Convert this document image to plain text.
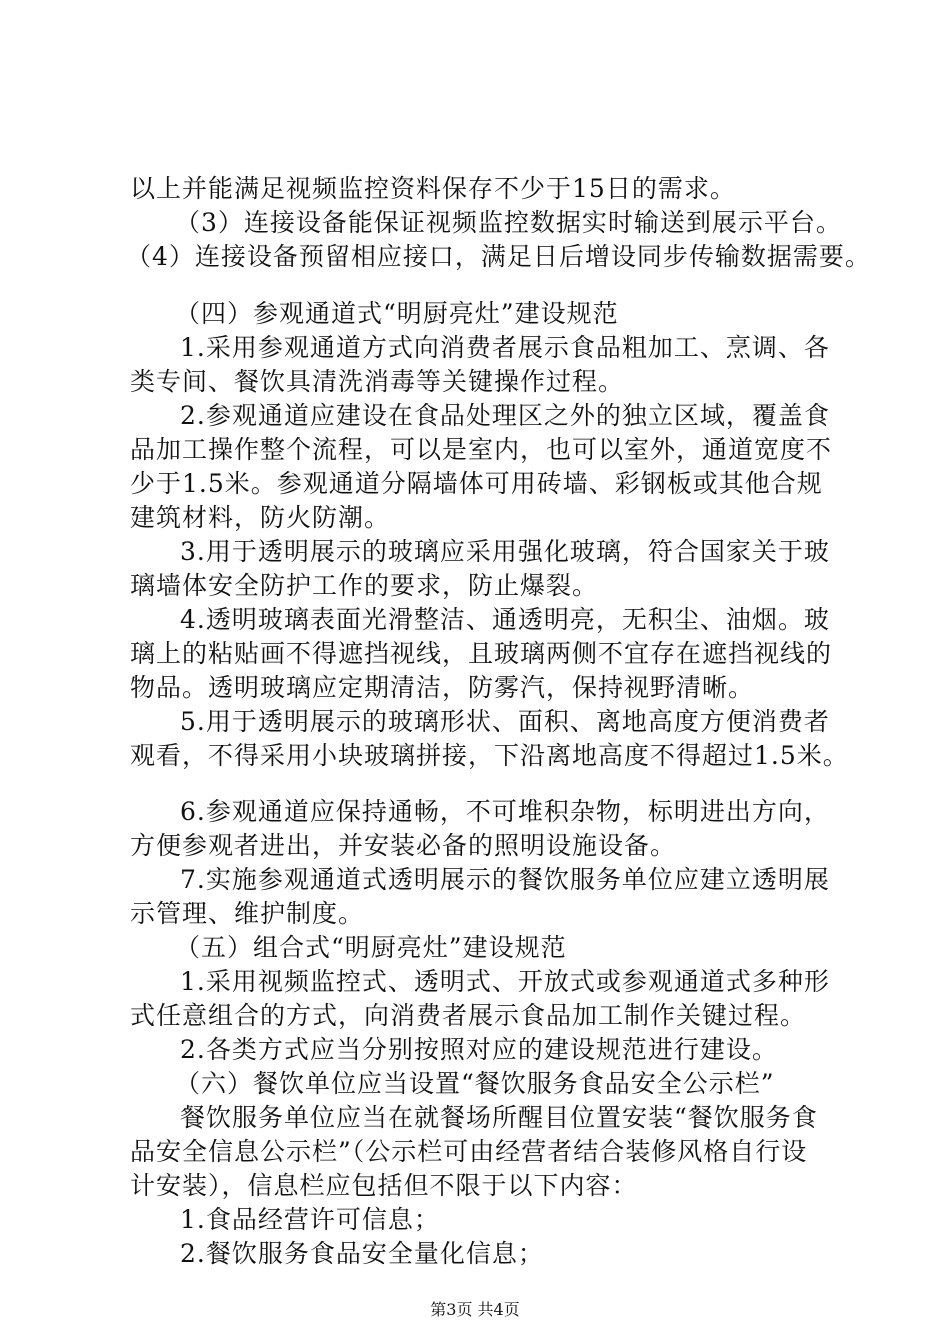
以上并能满足视频监控资料保存不少于15日的需求。
（3）连接设备能保证视频监控数据实时输送到展示平台。
（4）连接设备预留相应接口，满足日后增设同步传输数据需要。
（四）参观通道式“明厨亮灶”建设规范
1.采用参观通道方式向消费者展示食品粗加工、烹调、各
类专间、餐饮具清洗消毒等关键操作过程。
2.参观通道应建设在食品处理区之外的独立区域，覆盖食
品加工操作整个流程，可以是室内，也可以室外，通道宽度不
少于1.5米。参观通道分隔墙体可用砖墙、彩钢板或其他合规
建筑材料，防火防潮。
3.用于透明展示的玻璃应采用强化玻璃，符合国家关于玻
璃墙体安全防护工作的要求，防止爆裂。
4.透明玻璃表面光滑整洁、通透明亮，无积尘、油烟。玻
璃上的粘贴画不得遮挡视线，且玻璃两侧不宜存在遮挡视线的
物品。透明玻璃应定期清洁，防雾汽，保持视野清晰。
5.用于透明展示的玻璃形状、面积、离地高度方便消费者
观看，不得采用小块玻璃拼接，下沿离地高度不得超过1.5米。
6.参观通道应保持通畅，不可堆积杂物，标明进出方向，
方便参观者进出，并安装必备的照明设施设备。
7.实施参观通道式透明展示的餐饮服务单位应建立透明展
示管理、维护制度。
（五）组合式“明厨亮灶”建设规范
1.采用视频监控式、透明式、开放式或参观通道式多种形
式任意组合的方式，向消费者展示食品加工制作关键过程。
2.各类方式应当分别按照对应的建设规范进行建设。
（六）餐饮单位应当设置“餐饮服务食品安全公示栏”
餐饮服务单位应当在就餐场所醒目位置安装“餐饮服务食
品安全信息公示栏”（公示栏可由经营者结合装修风格自行设
计安装），信息栏应包括但不限于以下内容：
1.食品经营许可信息；
2.餐饮服务食品安全量化信息；
第3页 共4页
